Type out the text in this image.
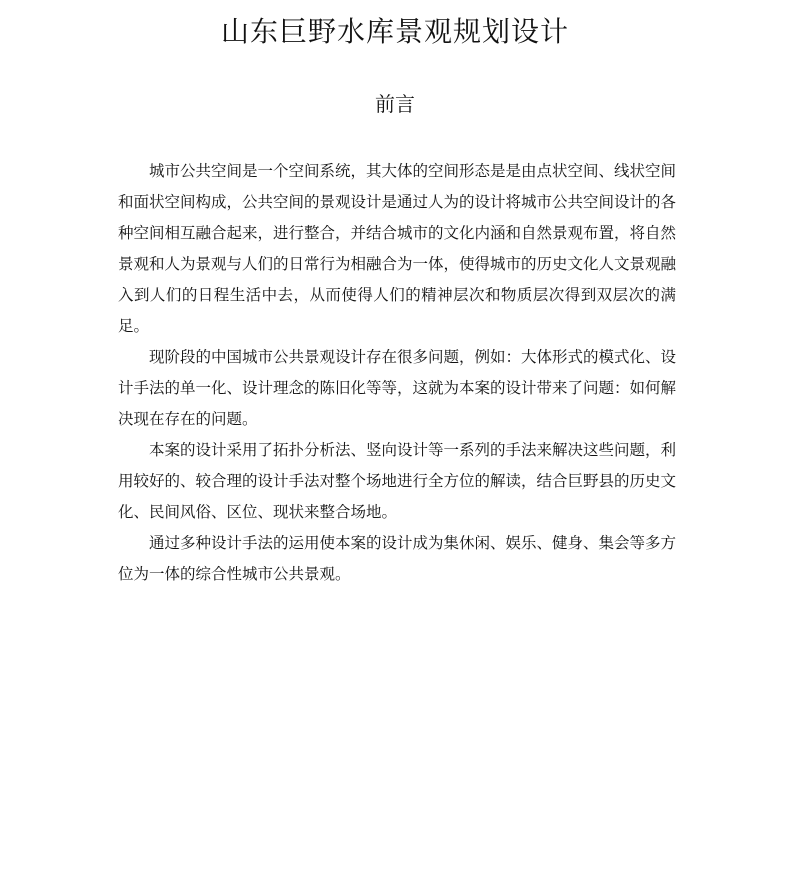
山东巨野水库景观规划设计
前言

城市公共空间是一个空间系统，其大体的空间形态是是由点状空间、线状空间和面状空间构成，公共空间的景观设计是通过人为的设计将城市公共空间设计的各种空间相互融合起来，进行整合，并结合城市的文化内涵和自然景观布置，将自然景观和人为景观与人们的日常行为相融合为一体，使得城市的历史文化人文景观融入到人们的日程生活中去，从而使得人们的精神层次和物质层次得到双层次的满足。

现阶段的中国城市公共景观设计存在很多问题，例如：大体形式的模式化、设计手法的单一化、设计理念的陈旧化等等，这就为本案的设计带来了问题：如何解决现在存在的问题。

本案的设计采用了拓扑分析法、竖向设计等一系列的手法来解决这些问题，利用较好的、较合理的设计手法对整个场地进行全方位的解读，结合巨野县的历史文化、民间风俗、区位、现状来整合场地。

通过多种设计手法的运用使本案的设计成为集休闲、娱乐、健身、集会等多方位为一体的综合性城市公共景观。
